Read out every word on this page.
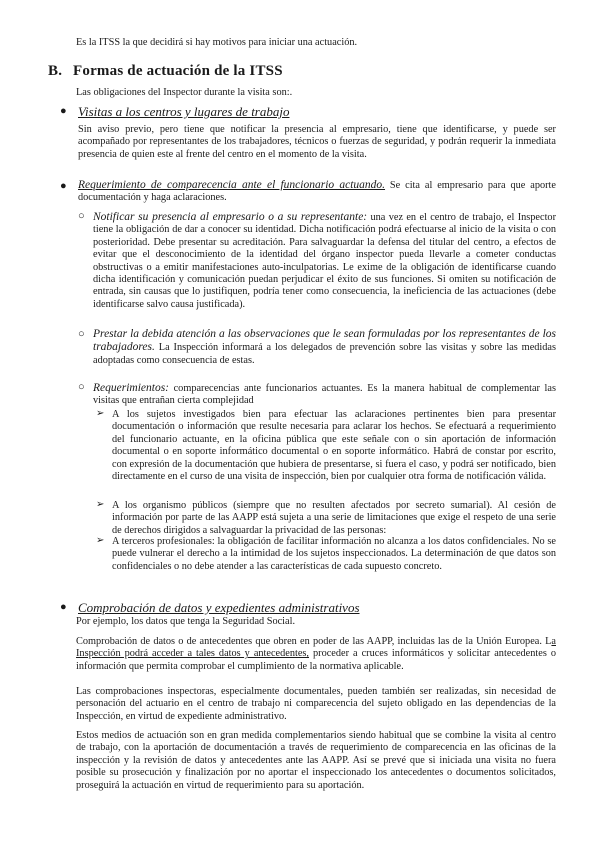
Es la ITSS la que decidirá si hay motivos para iniciar una actuación.
B. Formas de actuación de la ITSS
Las obligaciones del Inspector durante la visita son:.
● Visitas a los centros y lugares de trabajo
Sin aviso previo, pero tiene que notificar la presencia al empresario, tiene que identificarse, y puede ser acompañado por representantes de los trabajadores, técnicos o fuerzas de seguridad, y podrán requerir la inmediata presencia de quien este al frente del centro en el momento de la visita.
● Requerimiento de comparecencia ante el funcionario actuando. Se cita al empresario para que aporte documentación y haga aclaraciones.
○ Notificar su presencia al empresario o a su representante: una vez en el centro de trabajo, el Inspector tiene la obligación de dar a conocer su identidad. Dicha notificación podrá efectuarse al inicio de la visita o con posterioridad. Debe presentar su acreditación. Para salvaguardar la defensa del titular del centro, a efectos de evitar que el desconocimiento de la identidad del órgano inspector pueda llevarle a cometer conductas obstructivas o a emitir manifestaciones auto-inculpatorias. Le exime de la obligación de identificarse cuando dicha identificación y comunicación puedan perjudicar el éxito de sus funciones. Si omiten su notificación de entrada, sin causas que lo justifiquen, podría tener como consecuencia, la ineficiencia de las actuaciones (debe identificarse salvo causa justificada).
○ Prestar la debida atención a las observaciones que le sean formuladas por los representantes de los trabajadores. La Inspección informará a los delegados de prevención sobre las visitas y sobre las medidas adoptadas como consecuencia de estas.
○ Requerimientos: comparecencias ante funcionarios actuantes. Es la manera habitual de complementar las visitas que entrañan cierta complejidad
➢ A los sujetos investigados bien para efectuar las aclaraciones pertinentes bien para presentar documentación o información que resulte necesaria para aclarar los hechos. Se efectuará a requerimiento del funcionario actuante, en la oficina pública que este señale con o sin aportación de información documental o en soporte informático documental o en soporte informático. Habrá de constar por escrito, con expresión de la documentación que hubiera de presentarse, si fuera el caso, y podrá ser notificado, bien directamente en el curso de una visita de inspección, bien por cualquier otra forma de notificación válida.
➢ A los organismo públicos (siempre que no resulten afectados por secreto sumarial). Al cesión de información por parte de las AAPP está sujeta a una serie de limitaciones que exige el respeto de una serie de derechos dirigidos a salvaguardar la privacidad de las personas:
➢ A terceros profesionales: la obligación de facilitar información no alcanza a los datos confidenciales. No se puede vulnerar el derecho a la intimidad de los sujetos inspeccionados. La determinación de que datos son confidenciales o no debe atender a las características de cada supuesto concreto.
● Comprobación de datos y expedientes administrativos
Por ejemplo, los datos que tenga la Seguridad Social.
Comprobación de datos o de antecedentes que obren en poder de las AAPP, incluidas las de la Unión Europea. La Inspección podrá acceder a tales datos y antecedentes, proceder a cruces informáticos y solicitar antecedentes o información que permita comprobar el cumplimiento de la normativa aplicable.
Las comprobaciones inspectoras, especialmente documentales, pueden también ser realizadas, sin necesidad de personación del actuario en el centro de trabajo ni comparecencia del sujeto obligado en las dependencias de la Inspección, en virtud de expediente administrativo.
Estos medios de actuación son en gran medida complementarios siendo habitual que se combine la visita al centro de trabajo, con la aportación de documentación a través de requerimiento de comparecencia en las oficinas de la inspección y la revisión de datos y antecedentes ante las AAPP. Así se prevé que si iniciada una visita no fuera posible su prosecución y finalización por no aportar el inspeccionado los antecedentes o documentos solicitados, proseguirá la actuación en virtud de requerimiento para su aportación.
